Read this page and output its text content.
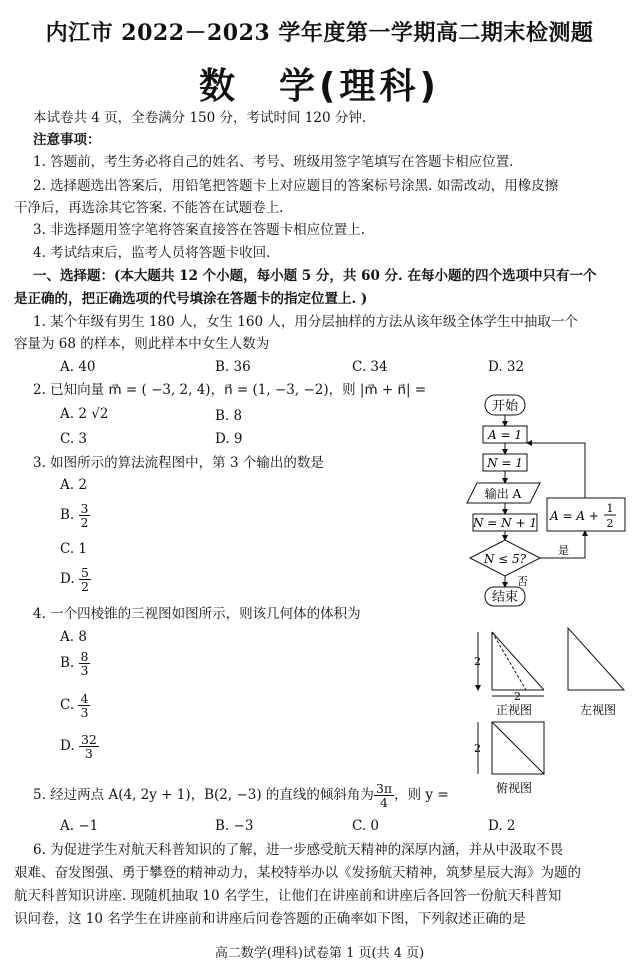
内江市 2022－2023 学年度第一学期高二期末检测题
数　学(理科)
本试卷共 4 页，全卷满分 150 分，考试时间 120 分钟.
注意事项：
1. 答题前，考生务必将自己的姓名、考号、班级用签字笔填写在答题卡相应位置.
2. 选择题选出答案后，用铅笔把答题卡上对应题目的答案标号涂黑. 如需改动，用橡皮擦
干净后，再选涂其它答案. 不能答在试题卷上.
3. 非选择题用签字笔将答案直接答在答题卡相应位置上.
4. 考试结束后，监考人员将答题卡收回.
一、选择题：(本大题共 12 个小题，每小题 5 分，共 60 分. 在每小题的四个选项中只有一个
是正确的，把正确选项的代号填涂在答题卡的指定位置上. )
1. 某个年级有男生 180 人，女生 160 人，用分层抽样的方法从该年级全体学生中抽取一个
容量为 68 的样本，则此样本中女生人数为
A. 40	B. 36	C. 34	D. 32
2. 已知向量 m⃗ = ( −3, 2, 4)，n⃗ = (1, −3, −2)，则 |m⃗ + n⃗| =
A. 2 √2	B. 8
C. 3	D. 9
3. 如图所示的算法流程图中，第 3 个输出的数是
A. 2
B. $\frac{3}{2}$
C. 1
D. $\frac{5}{2}$
开始
A = 1
N = 1
输出 A
N = N + 1
N ≤ 5?
否
结束
是
A = A +
1
2
4. 一个四棱锥的三视图如图所示，则该几何体的体积为
A. 8
B. $\frac{8}{3}$
C. $\frac{4}{3}$
D. $\frac{32}{3}$
2
2
正视图	左视图
2
俯视图
5. 经过两点 A(4, 2y + 1)，B(2, −3) 的直线的倾斜角为 $\frac{3\pi}{4}$ ，则 y =
A. −1	B. −3	C. 0	D. 2
6. 为促进学生对航天科普知识的了解，进一步感受航天精神的深厚内涵，并从中汲取不畏
艰难、奋发图强、勇于攀登的精神动力，某校特举办以《发扬航天精神，筑梦星辰大海》为题的
航天科普知识讲座. 现随机抽取 10 名学生，让他们在讲座前和讲座后各回答一份航天科普知
识问卷，这 10 名学生在讲座前和讲座后问卷答题的正确率如下图，下列叙述正确的是
高二数学(理科)试卷第 1 页(共 4 页)
